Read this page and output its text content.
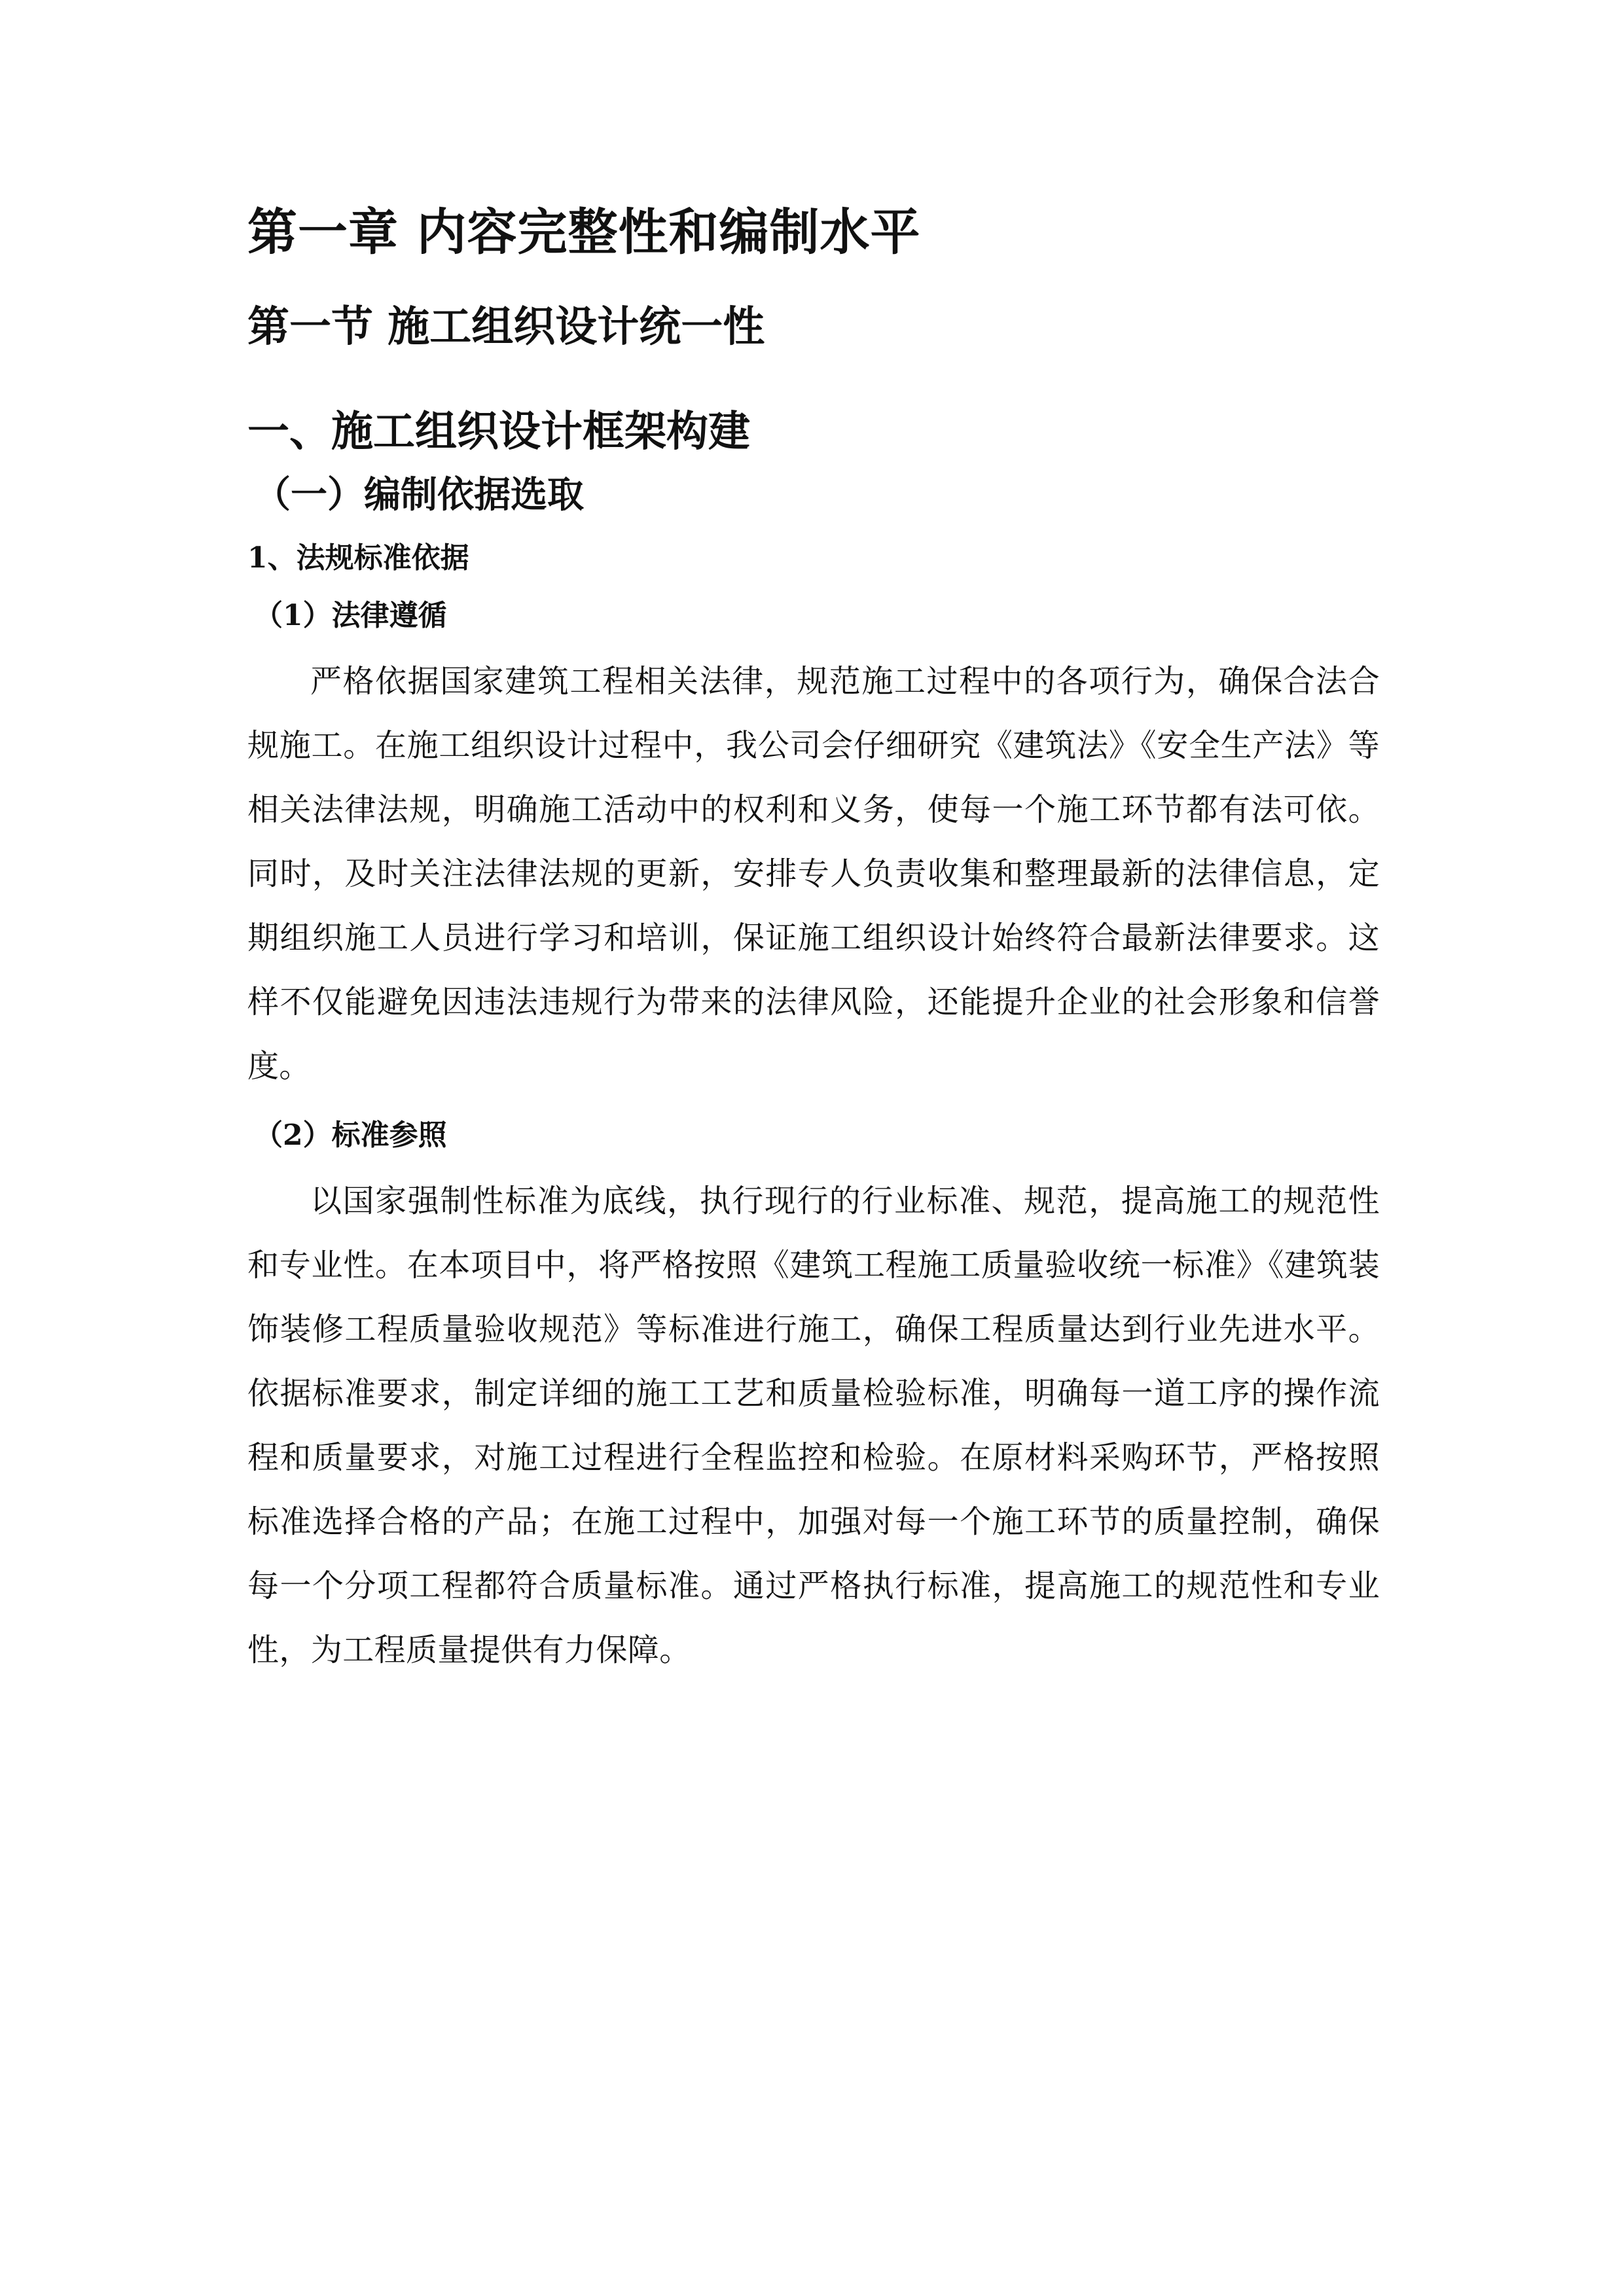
第一章 内容完整性和编制水平
第一节 施工组织设计统一性
一、施工组织设计框架构建
（一）编制依据选取
1、法规标准依据
（1）法律遵循

严格依据国家建筑工程相关法律，规范施工过程中的各项行为，确保合法合规施工。在施工组织设计过程中，我公司会仔细研究《建筑法》《安全生产法》等相关法律法规，明确施工活动中的权利和义务，使每一个施工环节都有法可依。同时，及时关注法律法规的更新，安排专人负责收集和整理最新的法律信息，定期组织施工人员进行学习和培训，保证施工组织设计始终符合最新法律要求。这样不仅能避免因违法违规行为带来的法律风险，还能提升企业的社会形象和信誉度。

（2）标准参照

以国家强制性标准为底线，执行现行的行业标准、规范，提高施工的规范性和专业性。在本项目中，将严格按照《建筑工程施工质量验收统一标准》《建筑装饰装修工程质量验收规范》等标准进行施工，确保工程质量达到行业先进水平。依据标准要求，制定详细的施工工艺和质量检验标准，明确每一道工序的操作流程和质量要求，对施工过程进行全程监控和检验。在原材料采购环节，严格按照标准选择合格的产品；在施工过程中，加强对每一个施工环节的质量控制，确保每一个分项工程都符合质量标准。通过严格执行标准，提高施工的规范性和专业性，为工程质量提供有力保障。
